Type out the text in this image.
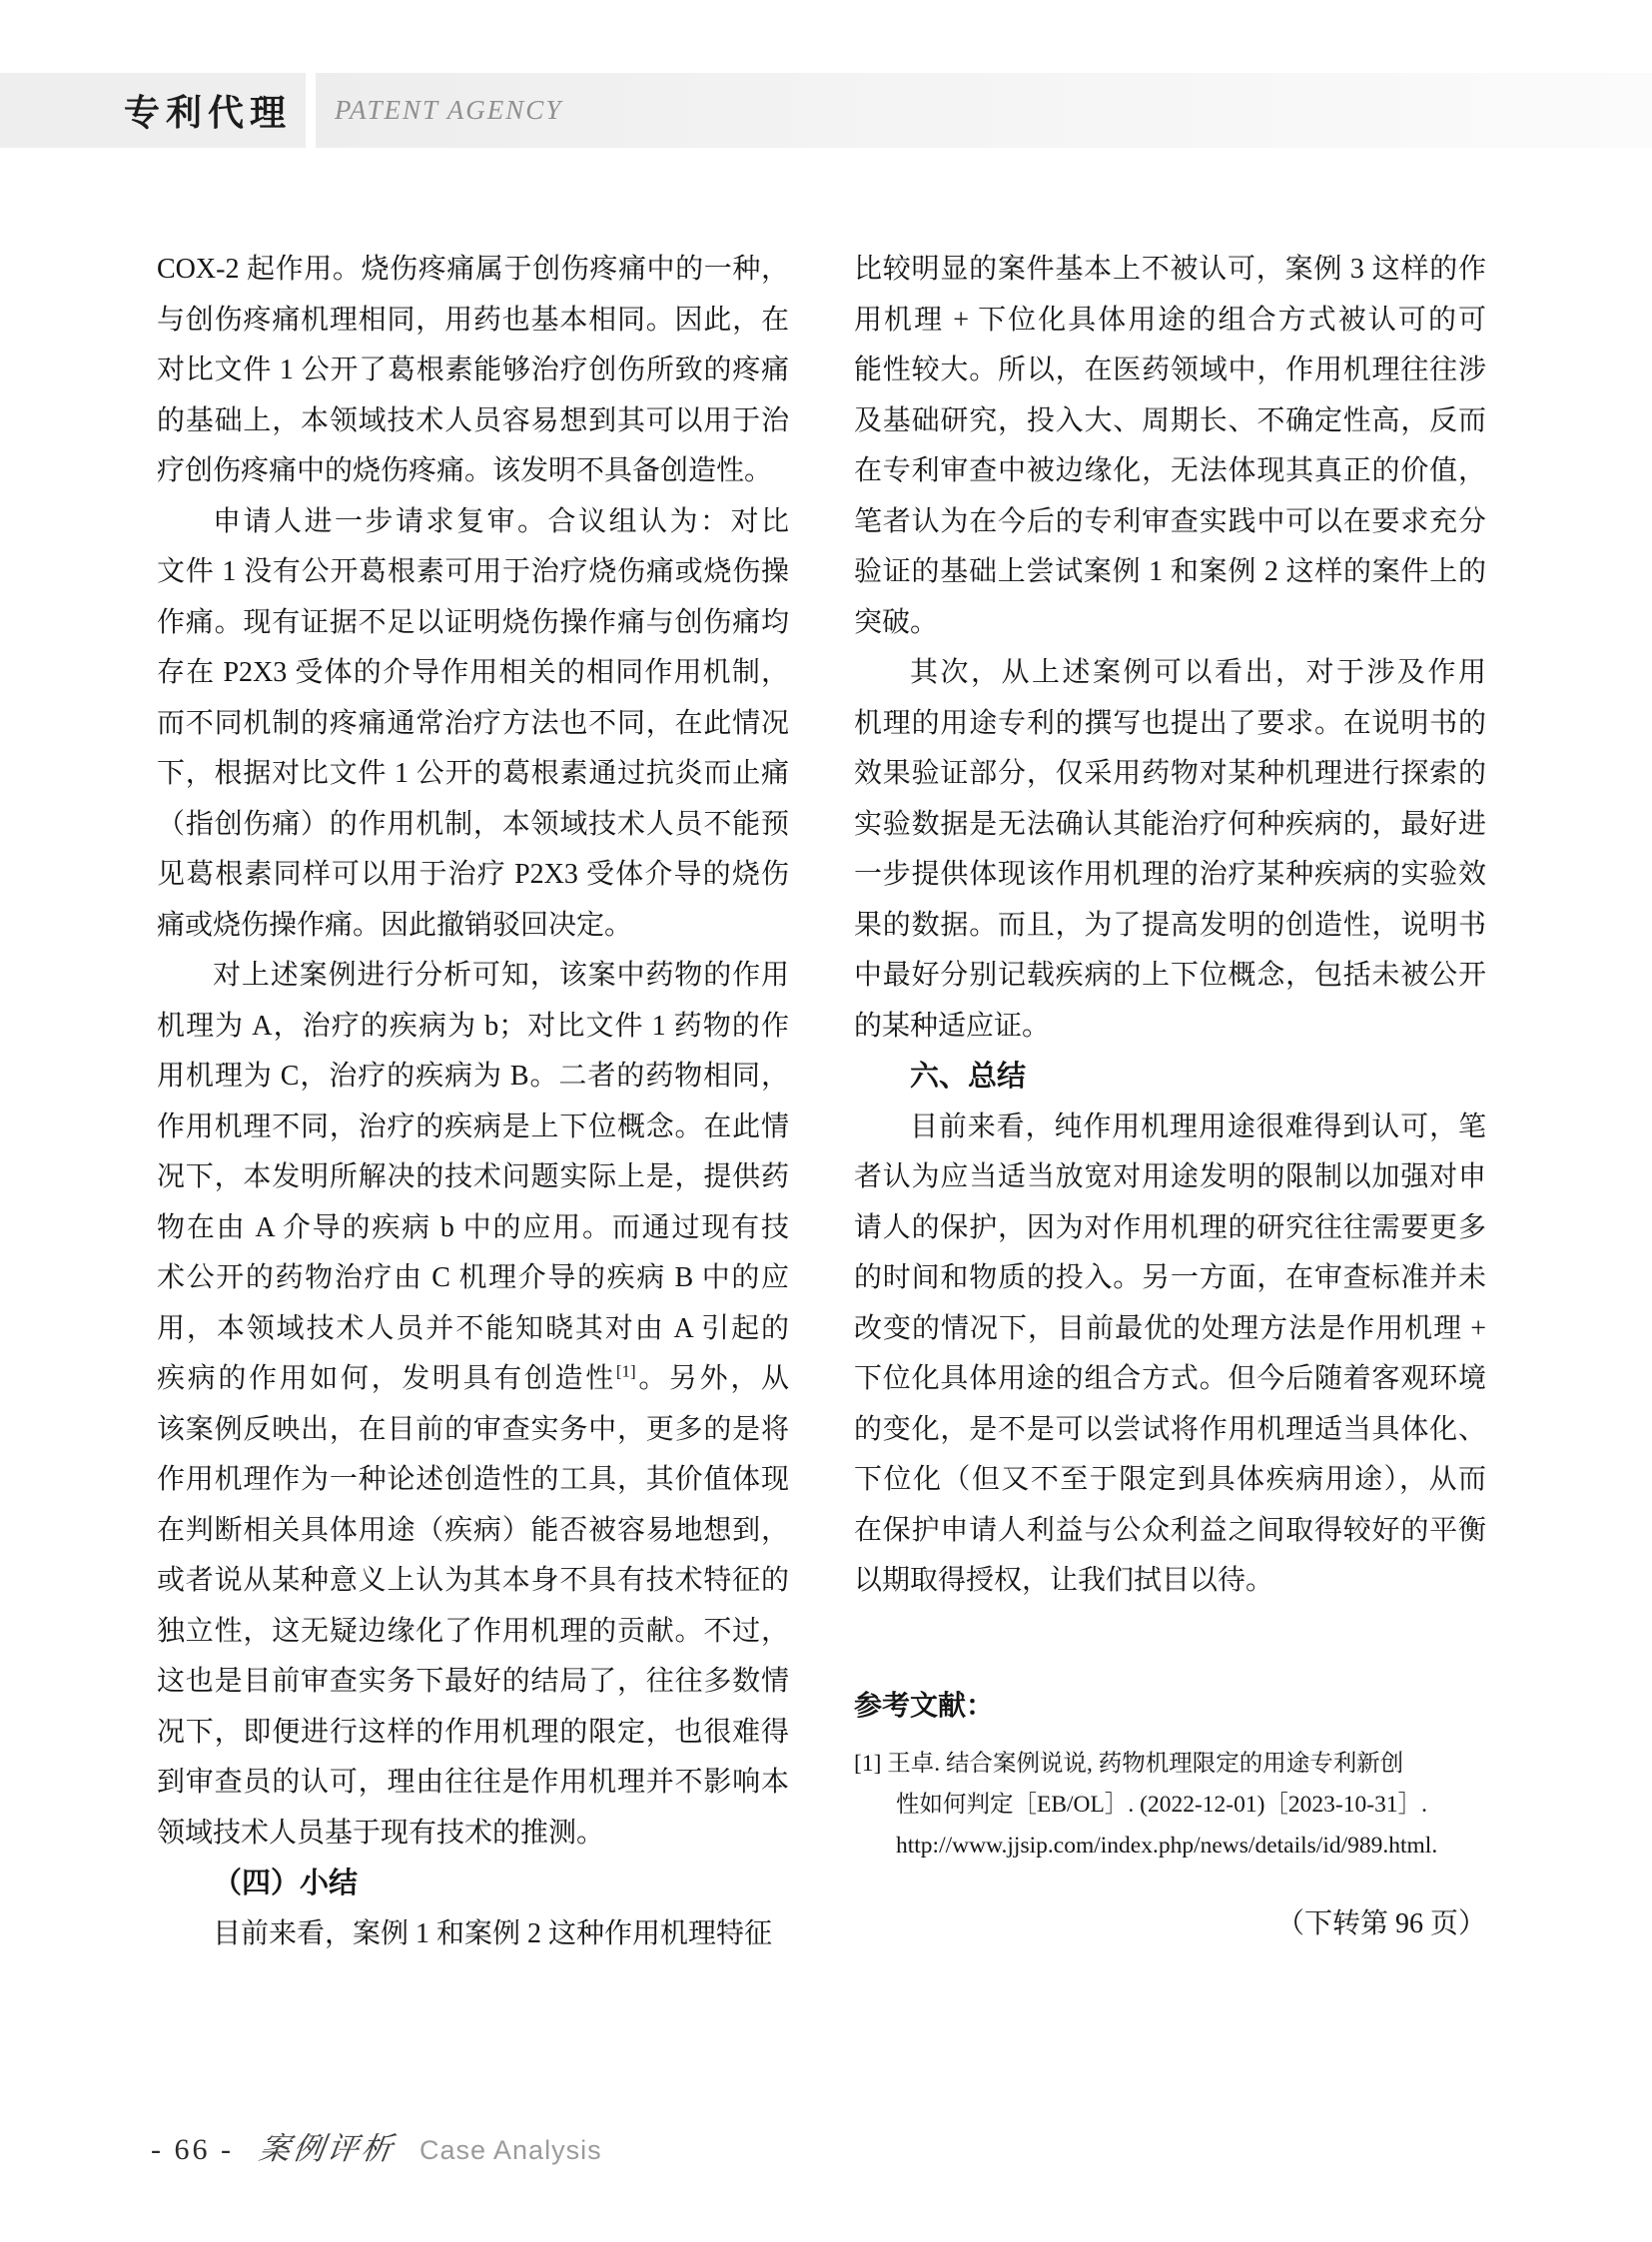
专利代理 PATENT AGENCY
COX-2 起作用。烧伤疼痛属于创伤疼痛中的一种，
与创伤疼痛机理相同，用药也基本相同。因此，在
对比文件 1 公开了葛根素能够治疗创伤所致的疼痛
的基础上，本领域技术人员容易想到其可以用于治
疗创伤疼痛中的烧伤疼痛。该发明不具备创造性。
申请人进一步请求复审。合议组认为：对比
文件 1 没有公开葛根素可用于治疗烧伤痛或烧伤操
作痛。现有证据不足以证明烧伤操作痛与创伤痛均
存在 P2X3 受体的介导作用相关的相同作用机制，
而不同机制的疼痛通常治疗方法也不同，在此情况
下，根据对比文件 1 公开的葛根素通过抗炎而止痛
（指创伤痛）的作用机制，本领域技术人员不能预
见葛根素同样可以用于治疗 P2X3 受体介导的烧伤
痛或烧伤操作痛。因此撤销驳回决定。
对上述案例进行分析可知，该案中药物的作用
机理为 A，治疗的疾病为 b；对比文件 1 药物的作
用机理为 C，治疗的疾病为 B。二者的药物相同，
作用机理不同，治疗的疾病是上下位概念。在此情
况下，本发明所解决的技术问题实际上是，提供药
物在由 A 介导的疾病 b 中的应用。而通过现有技
术公开的药物治疗由 C 机理介导的疾病 B 中的应
用，本领域技术人员并不能知晓其对由 A 引起的
疾病的作用如何，发明具有创造性[1]。另外，从
该案例反映出，在目前的审查实务中，更多的是将
作用机理作为一种论述创造性的工具，其价值体现
在判断相关具体用途（疾病）能否被容易地想到，
或者说从某种意义上认为其本身不具有技术特征的
独立性，这无疑边缘化了作用机理的贡献。不过，
这也是目前审查实务下最好的结局了，往往多数情
况下，即便进行这样的作用机理的限定，也很难得
到审查员的认可，理由往往是作用机理并不影响本
领域技术人员基于现有技术的推测。
（四）小结
目前来看，案例 1 和案例 2 这种作用机理特征
比较明显的案件基本上不被认可，案例 3 这样的作
用机理 + 下位化具体用途的组合方式被认可的可
能性较大。所以，在医药领域中，作用机理往往涉
及基础研究，投入大、周期长、不确定性高，反而
在专利审查中被边缘化，无法体现其真正的价值，
笔者认为在今后的专利审查实践中可以在要求充分
验证的基础上尝试案例 1 和案例 2 这样的案件上的
突破。
其次，从上述案例可以看出，对于涉及作用
机理的用途专利的撰写也提出了要求。在说明书的
效果验证部分，仅采用药物对某种机理进行探索的
实验数据是无法确认其能治疗何种疾病的，最好进
一步提供体现该作用机理的治疗某种疾病的实验效
果的数据。而且，为了提高发明的创造性，说明书
中最好分别记载疾病的上下位概念，包括未被公开
的某种适应证。
六、总结
目前来看，纯作用机理用途很难得到认可，笔
者认为应当适当放宽对用途发明的限制以加强对申
请人的保护，因为对作用机理的研究往往需要更多
的时间和物质的投入。另一方面，在审查标准并未
改变的情况下，目前最优的处理方法是作用机理 +
下位化具体用途的组合方式。但今后随着客观环境
的变化，是不是可以尝试将作用机理适当具体化、
下位化（但又不至于限定到具体疾病用途），从而
在保护申请人利益与公众利益之间取得较好的平衡
以期取得授权，让我们拭目以待。
参考文献：
[1] 王卓. 结合案例说说, 药物机理限定的用途专利新创
性如何判定［EB/OL］. (2022-12-01)［2023-10-31］.
http://www.jjsip.com/index.php/news/details/id/989.html.
（下转第 96 页）
- 66 - 案例评析 Case Analysis
